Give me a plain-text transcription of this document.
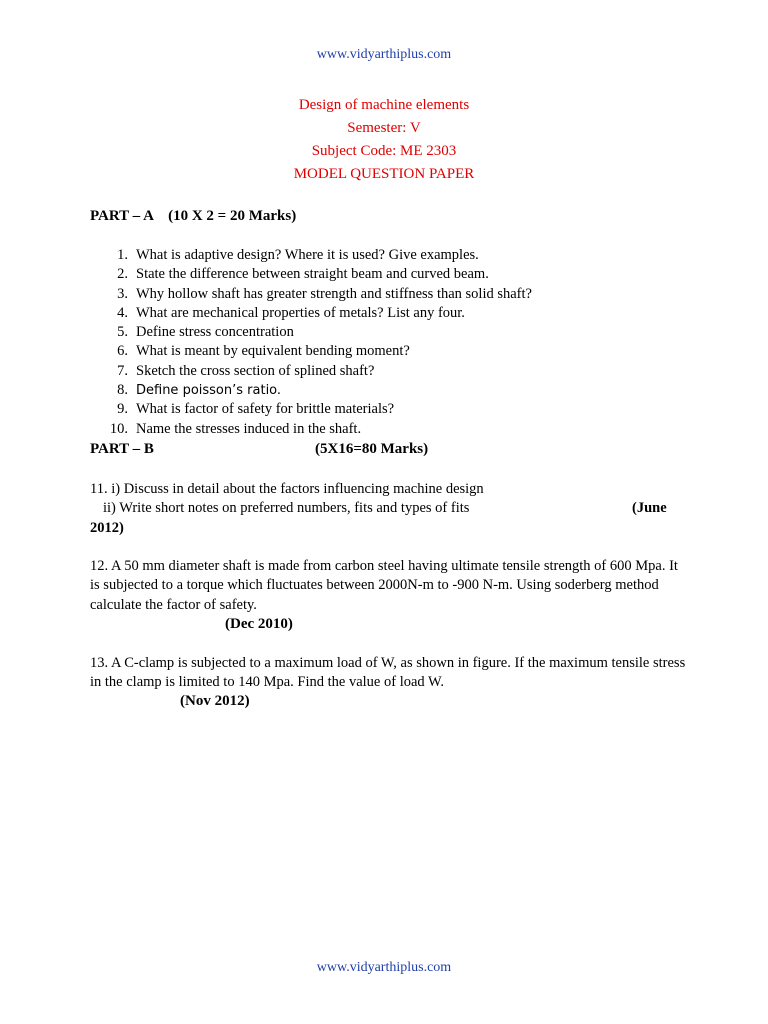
www.vidyarthiplus.com
Design of machine elements
Semester: V
Subject Code: ME 2303
MODEL QUESTION PAPER
PART – A    (10 X 2 = 20 Marks)
1. What is adaptive design? Where it is used? Give examples.
2. State the difference between straight beam and curved beam.
3. Why hollow shaft has greater strength and stiffness than solid shaft?
4. What are mechanical properties of metals? List any four.
5. Define stress concentration
6. What is meant by equivalent bending moment?
7. Sketch the cross section of splined shaft?
8. Define poisson’s ratio.
9. What is factor of safety for brittle materials?
10. Name the stresses induced in the shaft.
PART – B	(5X16=80 Marks)
11. i) Discuss in detail about the factors influencing machine design
ii) Write short notes on preferred numbers, fits and types of fits	(June
2012)
12. A 50 mm diameter shaft is made from carbon steel having ultimate tensile strength of 600 Mpa. It is subjected to a torque which fluctuates between 2000N-m to -900 N-m. Using soderberg method calculate the factor of safety.
(Dec 2010)
13. A C-clamp is subjected to a maximum load of W, as shown in figure. If the maximum tensile stress in the clamp is limited to 140 Mpa. Find the value of load W.
(Nov 2012)
www.vidyarthiplus.com
